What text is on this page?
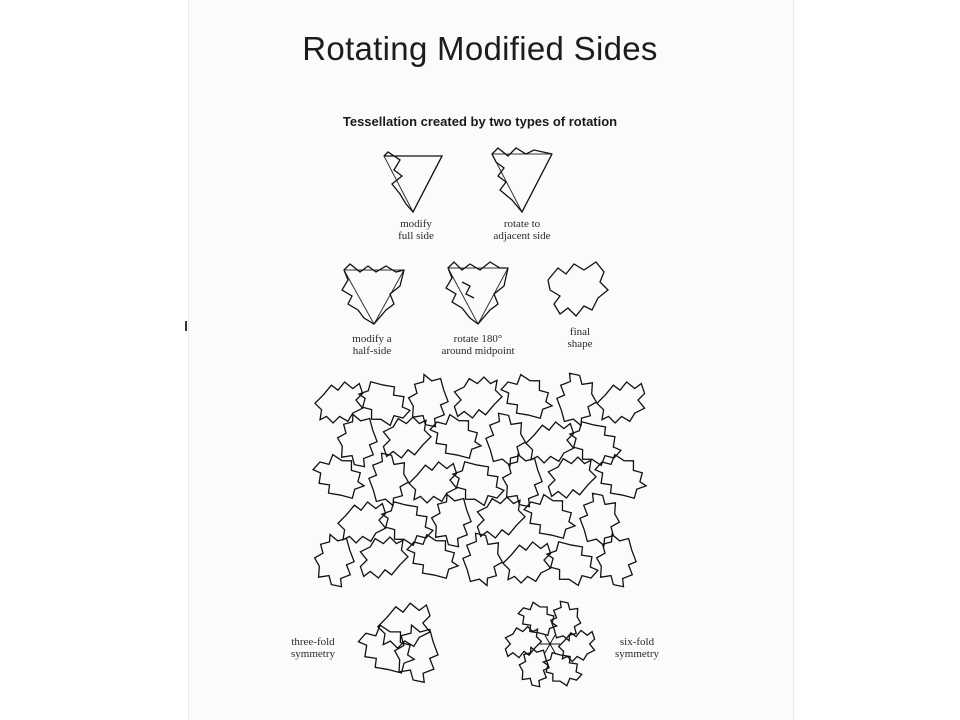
Rotating Modified Sides
Tessellation created by two types of rotation
modify
full side
rotate to
adjacent side
modify a
half-side
rotate 180°
around midpoint
final
shape
three-fold
symmetry
six-fold
symmetry
